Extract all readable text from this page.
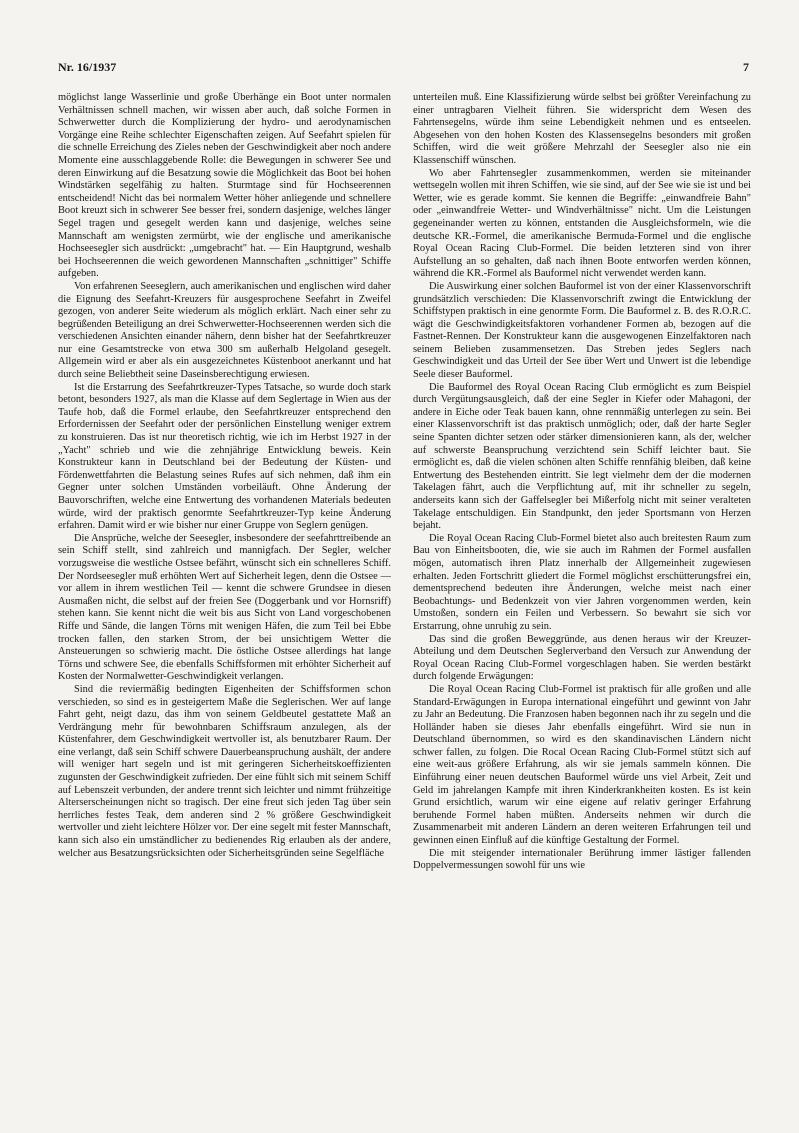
Nr. 16/1937	7

möglichst lange Wasserlinie und große Überhänge ein Boot unter normalen Verhältnissen schnell machen, wir wissen aber auch, daß solche Formen in Schwerwetter durch die Komplizierung der hydro- und aerodynamischen Vorgänge eine Reihe schlechter Eigenschaften zeigen. Auf Seefahrt spielen für die schnelle Erreichung des Zieles neben der Geschwindigkeit aber noch andere Momente eine ausschlaggebende Rolle: die Bewegungen in schwerer See und deren Einwirkung auf die Besatzung sowie die Möglichkeit das Boot bei hohen Windstärken segelfähig zu halten. Sturmtage sind für Hochseerennen entscheidend! Nicht das bei normalem Wetter höher anliegende und schnellere Boot kreuzt sich in schwerer See besser frei, sondern dasjenige, welches länger Segel tragen und gesegelt werden kann und dasjenige, welches seine Mannschaft am wenigsten zermürbt, wie der englische und amerikanische Hochseesegler sich ausdrückt: „umgebracht" hat. — Ein Hauptgrund, weshalb bei Hochseerennen die weich gewordenen Mannschaften „schnittiger" Schiffe aufgeben.

Von erfahrenen Seeseglern, auch amerikanischen und englischen wird daher die Eignung des Seefahrt-Kreuzers für ausgesprochene Seefahrt in Zweifel gezogen, von anderer Seite wiederum als möglich erklärt. Nach einer sehr zu begrüßenden Beteiligung an drei Schwerwetter-Hochseerennen werden sich die verschiedenen Ansichten einander nähern, denn bisher hat der Seefahrtkreuzer nur eine Gesamtstrecke von etwa 300 sm außerhalb Helgoland gesegelt. Allgemein wird er aber als ein ausgezeichnetes Küstenboot anerkannt und hat durch seine Beliebtheit seine Daseinsberechtigung erwiesen.

Ist die Erstarrung des Seefahrtkreuzer-Types Tatsache, so wurde doch stark betont, besonders 1927, als man die Klasse auf dem Seglertage in Wien aus der Taufe hob, daß die Formel erlaube, den Seefahrtkreuzer entsprechend den Erfordernissen der Seefahrt oder der persönlichen Einstellung weniger extrem zu konstruieren. Das ist nur theoretisch richtig, wie ich im Herbst 1927 in der „Yacht" schrieb und wie die zehnjährige Entwicklung beweis. Kein Konstrukteur kann in Deutschland bei der Bedeutung der Küsten- und Fördenwettfahrten die Belastung seines Rufes auf sich nehmen, daß ihm ein Gegner unter solchen Umständen vorbeiläuft. Ohne Änderung der Bauvorschriften, welche eine Entwertung des vorhandenen Materials bedeuten würde, wird der praktisch genormte Seefahrtkreuzer-Typ keine Änderung erfahren. Damit wird er wie bisher nur einer Gruppe von Seglern genügen.

Die Ansprüche, welche der Seesegler, insbesondere der seefahrttreibende an sein Schiff stellt, sind zahlreich und mannigfach. Der Segler, welcher vorzugsweise die westliche Ostsee befährt, wünscht sich ein schnelleres Schiff. Der Nordseesegler muß erhöhten Wert auf Sicherheit legen, denn die Ostsee — vor allem in ihrem westlichen Teil — kennt die schwere Grundsee in diesen Ausmaßen nicht, die selbst auf der freien See (Doggerbank und vor Hornsriff) stehen kann. Sie kennt nicht die weit bis aus Sicht von Land vorgeschobenen Riffe und Sände, die langen Törns mit wenigen Häfen, die zum Teil bei Ebbe trocken fallen, den starken Strom, der bei unsichtigem Wetter die Ansteuerungen so schwierig macht. Die östliche Ostsee allerdings hat lange Törns und schwere See, die ebenfalls Schiffsformen mit erhöhter Sicherheit auf Kosten der Normalwetter-Geschwindigkeit verlangen.

Sind die reviermäßig bedingten Eigenheiten der Schiffsformen schon verschieden, so sind es in gesteigertem Maße die Seglerischen. Wer auf lange Fahrt geht, neigt dazu, das ihm von seinem Geldbeutel gestattete Maß an Verdrängung mehr für bewohnbaren Schiffsraum anzulegen, als der Küstenfahrer, dem Geschwindigkeit wertvoller ist, als benutzbarer Raum. Der eine verlangt, daß sein Schiff schwere Dauerbeanspruchung aushält, der andere will weniger hart segeln und ist mit geringeren Sicherheitskoeffizienten zugunsten der Geschwindigkeit zufrieden. Der eine fühlt sich mit seinem Schiff auf Lebenszeit verbunden, der andere trennt sich leichter und nimmt frühzeitige Alterserscheinungen nicht so tragisch. Der eine freut sich jeden Tag über sein herrliches festes Teak, dem anderen sind 2 % größere Geschwindigkeit wertvoller und zieht leichtere Hölzer vor. Der eine segelt mit fester Mannschaft, kann sich also ein umständlicher zu bedienendes Rig erlauben als der andere, welcher aus Besatzungsrücksichten oder Sicherheitsgründen seine Segelfläche

unterteilen muß. Eine Klassifizierung würde selbst bei größter Vereinfachung zu einer untragbaren Vielheit führen. Sie widerspricht dem Wesen des Fahrtensegelns, würde ihm seine Lebendigkeit nehmen und es entseelen. Abgesehen von den hohen Kosten des Klassensegelns besonders mit großen Schiffen, wird die weit größere Mehrzahl der Seesegler also nie ein Klassenschiff wünschen.

Wo aber Fahrtensegler zusammenkommen, werden sie miteinander wettsegeln wollen mit ihren Schiffen, wie sie sind, auf der See wie sie ist und bei Wetter, wie es gerade kommt. Sie kennen die Begriffe: „einwandfreie Bahn" oder „einwandfreie Wetter- und Windverhältnisse" nicht. Um die Leistungen gegeneinander werten zu können, entstanden die Ausgleichsformeln, wie die deutsche KR.-Formel, die amerikanische Bermuda-Formel und die englische Royal Ocean Racing Club-Formel. Die beiden letzteren sind von ihrer Aufstellung an so gehalten, daß nach ihnen Boote entworfen werden können, während die KR.-Formel als Bauformel nicht verwendet werden kann.

Die Auswirkung einer solchen Bauformel ist von der einer Klassenvorschrift grundsätzlich verschieden: Die Klassenvorschrift zwingt die Entwicklung der Schiffstypen praktisch in eine genormte Form. Die Bauformel z. B. des R.O.R.C. wägt die Geschwindigkeitsfaktoren vorhandener Formen ab, bezogen auf die Fastnet-Rennen. Der Konstrukteur kann die ausgewogenen Einzelfaktoren nach seinem Belieben zusammensetzen. Das Streben jedes Seglers nach Geschwindigkeit und das Urteil der See über Wert und Unwert ist die lebendige Seele dieser Bauformel.

Die Bauformel des Royal Ocean Racing Club ermöglicht es zum Beispiel durch Vergütungsausgleich, daß der eine Segler in Kiefer oder Mahagoni, der andere in Eiche oder Teak bauen kann, ohne rennmäßig unterlegen zu sein. Bei einer Klassenvorschrift ist das praktisch unmöglich; oder, daß der harte Segler seine Spanten dichter setzen oder stärker dimensionieren kann, als der, welcher auf schwerste Beanspruchung verzichtend sein Schiff leichter baut. Sie ermöglicht es, daß die vielen schönen alten Schiffe rennfähig bleiben, daß keine Entwertung des Bestehenden eintritt. Sie legt vielmehr dem der die modernen Takelagen fährt, auch die Verpflichtung auf, mit ihr schneller zu segeln, anderseits kann sich der Gaffelsegler bei Mißerfolg nicht mit seiner veralteten Takelage entschuldigen. Ein Standpunkt, den jeder Sportsmann von Herzen bejaht.

Die Royal Ocean Racing Club-Formel bietet also auch breitesten Raum zum Bau von Einheitsbooten, die, wie sie auch im Rahmen der Formel ausfallen mögen, automatisch ihren Platz innerhalb der Allgemeinheit zugewiesen erhalten. Jeden Fortschritt gliedert die Formel möglichst erschütterungsfrei ein, dementsprechend bedeuten ihre Änderungen, welche meist nach einer Beobachtungs- und Bedenkzeit von vier Jahren vorgenommen werden, kein Umstoßen, sondern ein Feilen und Verbessern. So bewahrt sie sich vor Erstarrung, ohne unruhig zu sein.

Das sind die großen Beweggründe, aus denen heraus wir der Kreuzer-Abteilung und dem Deutschen Seglerverband den Versuch zur Anwendung der Royal Ocean Racing Club-Formel vorgeschlagen haben. Sie werden bestärkt durch folgende Erwägungen:

Die Royal Ocean Racing Club-Formel ist praktisch für alle großen und alle Standard-Erwägungen in Europa international eingeführt und gewinnt von Jahr zu Jahr an Bedeutung. Die Franzosen haben begonnen nach ihr zu segeln und die Holländer haben sie dieses Jahr ebenfalls eingeführt. Wird sie nun in Deutschland übernommen, so wird es den skandinavischen Ländern nicht schwer fallen, zu folgen. Die Rocal Ocean Racing Club-Formel stützt sich auf eine weit-aus größere Erfahrung, als wir sie jemals sammeln können. Die Einführung einer neuen deutschen Bauformel würde uns viel Arbeit, Zeit und Geld im jahrelangen Kampfe mit ihren Kinderkrankheiten kosten. Es ist kein Grund ersichtlich, warum wir eine eigene auf relativ geringer Erfahrung beruhende Formel haben müßten. Anderseits nehmen wir durch die Zusammenarbeit mit anderen Ländern an deren weiteren Erfahrungen teil und gewinnen einen Einfluß auf die künftige Gestaltung der Formel.

Die mit steigender internationaler Berührung immer lästiger fallenden Doppelvermessungen sowohl für uns wie
